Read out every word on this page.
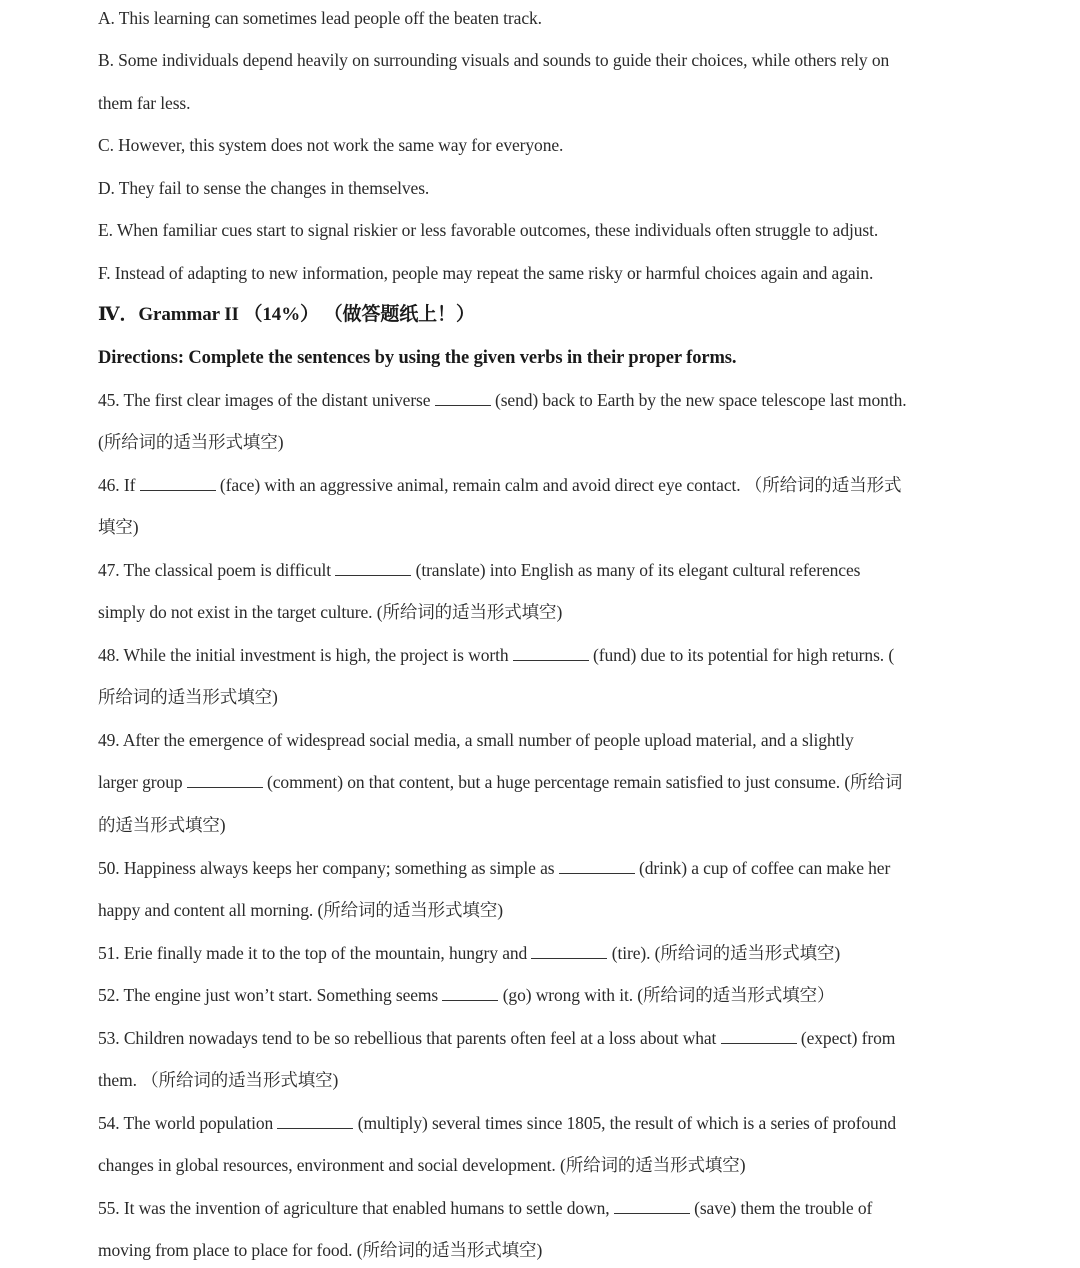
A. This learning can sometimes lead people off the beaten track.
B. Some individuals depend heavily on surrounding visuals and sounds to guide their choices, while others rely on
them far less.
C. However, this system does not work the same way for everyone.
D. They fail to sense the changes in themselves.
E. When familiar cues start to signal riskier or less favorable outcomes, these individuals often struggle to adjust.
F. Instead of adapting to new information, people may repeat the same risky or harmful choices again and again.
Ⅳ．Grammar II （14%） （做答题纸上！）
Directions: Complete the sentences by using the given verbs in their proper forms.
45. The first clear images of the distant universe	(send) back to Earth by the new space telescope last month.
(所给词的适当形式填空)
46. If	(face) with an aggressive animal, remain calm and avoid direct eye contact. （所给词的适当形式
填空)
47. The classical poem is difficult	(translate) into English as many of its elegant cultural references
simply do not exist in the target culture. (所给词的适当形式填空)
48. While the initial investment is high, the project is worth	(fund) due to its potential for high returns. (
所给词的适当形式填空)
49. After the emergence of widespread social media, a small number of people upload material, and a slightly
larger group	(comment) on that content, but a huge percentage remain satisfied to just consume. (所给词
的适当形式填空)
50. Happiness always keeps her company; something as simple as	(drink) a cup of coffee can make her
happy and content all morning. (所给词的适当形式填空)
51. Erie finally made it to the top of the mountain, hungry and	(tire). (所给词的适当形式填空)
52. The engine just won’t start. Something seems	(go) wrong with it. (所给词的适当形式填空）
53. Children nowadays tend to be so rebellious that parents often feel at a loss about what	(expect) from
them. （所给词的适当形式填空)
54. The world population	(multiply) several times since 1805, the result of which is a series of profound
changes in global resources, environment and social development. (所给词的适当形式填空)
55. It was the invention of agriculture that enabled humans to settle down,	(save) them the trouble of
moving from place to place for food. (所给词的适当形式填空)
